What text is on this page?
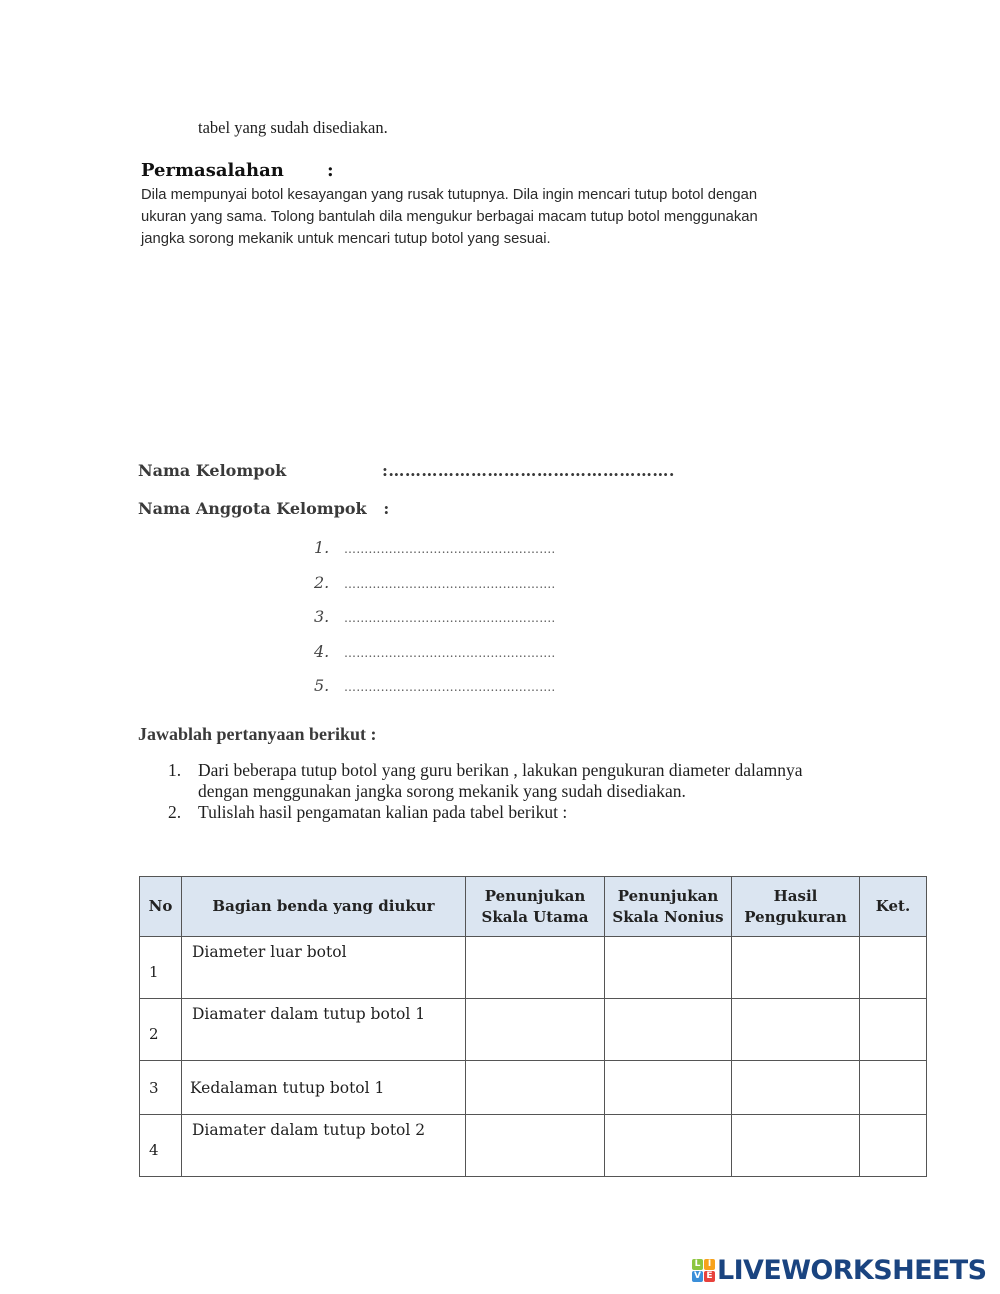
tabel yang sudah disediakan.
Permasalahan :
Dila mempunyai botol kesayangan yang rusak tutupnya. Dila ingin mencari tutup botol dengan ukuran yang sama. Tolong bantulah dila mengukur berbagai macam tutup botol menggunakan jangka sorong mekanik untuk mencari tutup botol yang sesuai.
Nama Kelompok	:…………………………………………….
Nama Anggota Kelompok   :
1. …………………………………………….
2. …………………………………………….
3. …………………………………………….
4. …………………………………………….
5. …………………………………………….
Jawablah pertanyaan berikut :
1. Dari beberapa tutup botol yang guru berikan , lakukan pengukuran diameter dalamnya dengan menggunakan jangka sorong mekanik yang sudah disediakan.
2. Tulislah hasil pengamatan kalian pada tabel berikut :
No	Bagian benda yang diukur	Penunjukan Skala Utama	Penunjukan Skala Nonius	Hasil Pengukuran	Ket.
1	Diameter luar botol				
2	Diamater dalam tutup botol 1				
3	Kedalaman tutup botol 1				
4	Diamater dalam tutup botol 2				
L I
V E LIVEWORKSHEETS
